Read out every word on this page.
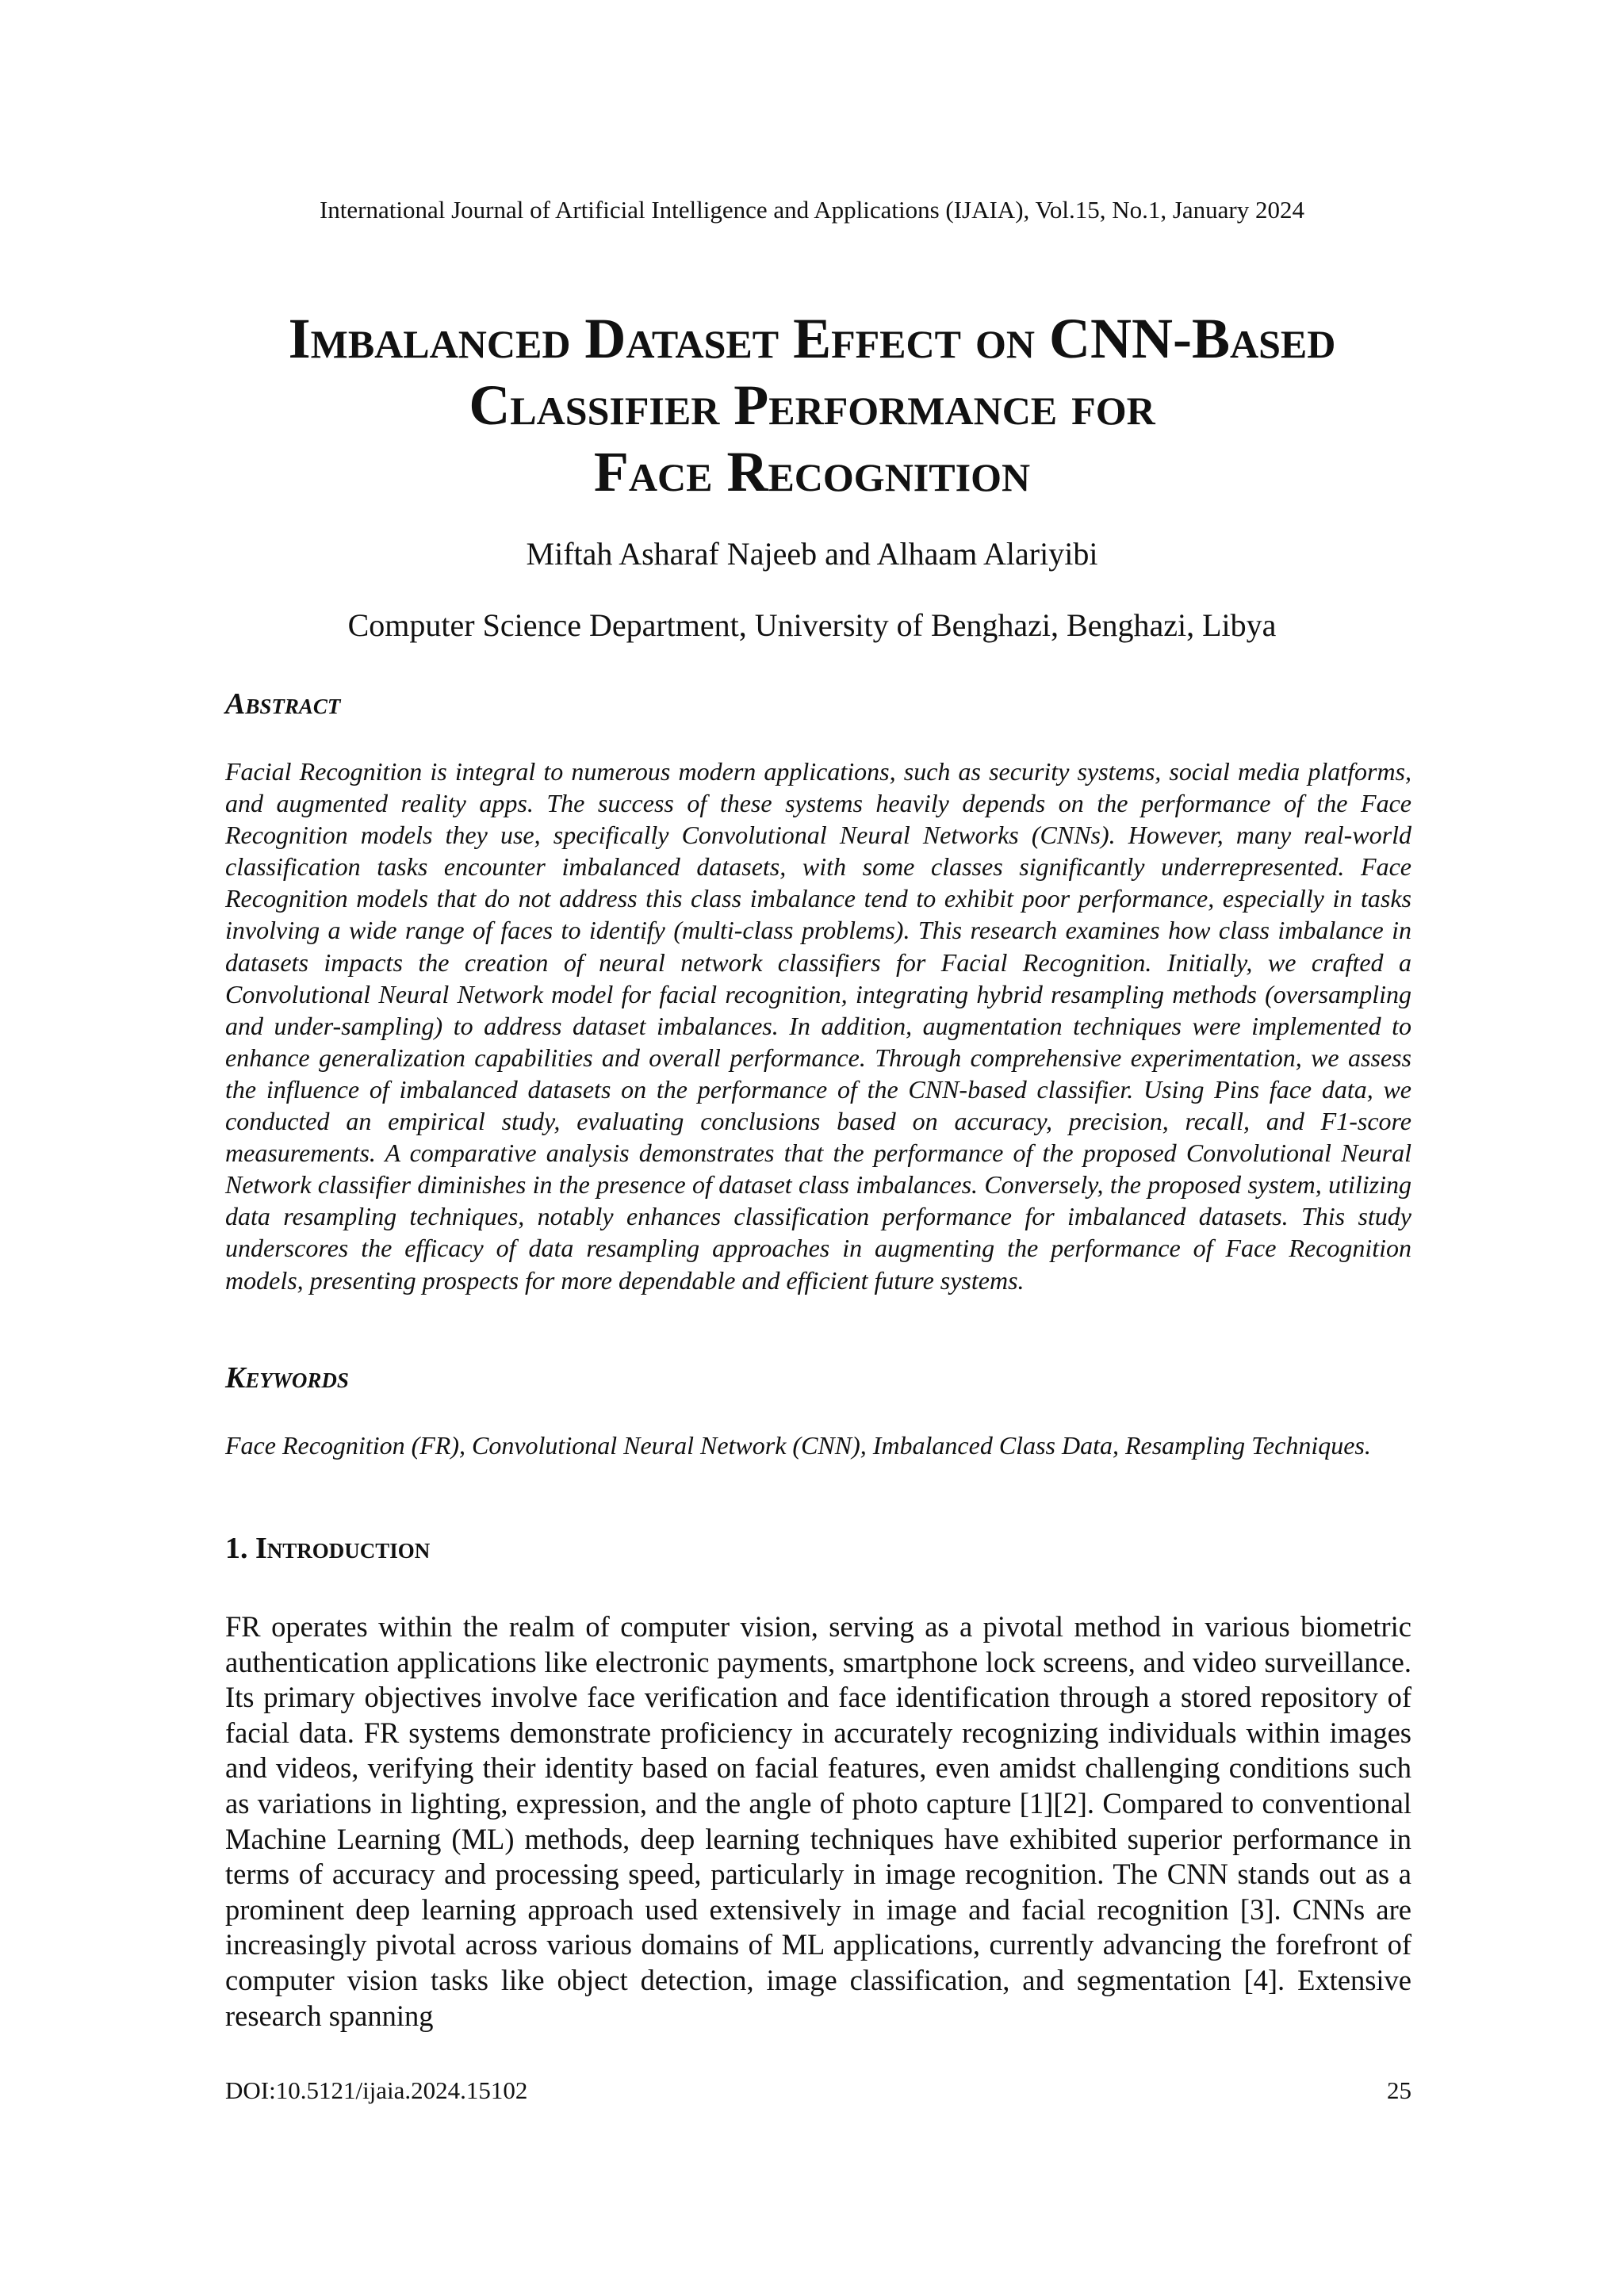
International Journal of Artificial Intelligence and Applications (IJAIA), Vol.15, No.1, January 2024
Imbalanced Dataset Effect on CNN-Based
Classifier Performance for
Face Recognition
Miftah Asharaf Najeeb and Alhaam Alariyibi
Computer Science Department, University of Benghazi, Benghazi, Libya
Abstract

Facial Recognition is integral to numerous modern applications, such as security systems, social media platforms, and augmented reality apps. The success of these systems heavily depends on the performance of the Face Recognition models they use, specifically Convolutional Neural Networks (CNNs). However, many real-world classification tasks encounter imbalanced datasets, with some classes significantly underrepresented. Face Recognition models that do not address this class imbalance tend to exhibit poor performance, especially in tasks involving a wide range of faces to identify (multi-class problems). This research examines how class imbalance in datasets impacts the creation of neural network classifiers for Facial Recognition. Initially, we crafted a Convolutional Neural Network model for facial recognition, integrating hybrid resampling methods (oversampling and under-sampling) to address dataset imbalances. In addition, augmentation techniques were implemented to enhance generalization capabilities and overall performance. Through comprehensive experimentation, we assess the influence of imbalanced datasets on the performance of the CNN-based classifier. Using Pins face data, we conducted an empirical study, evaluating conclusions based on accuracy, precision, recall, and F1-score measurements. A comparative analysis demonstrates that the performance of the proposed Convolutional Neural Network classifier diminishes in the presence of dataset class imbalances. Conversely, the proposed system, utilizing data resampling techniques, notably enhances classification performance for imbalanced datasets. This study underscores the efficacy of data resampling approaches in augmenting the performance of Face Recognition models, presenting prospects for more dependable and efficient future systems.

Keywords

Face Recognition (FR), Convolutional Neural Network (CNN), Imbalanced Class Data, Resampling Techniques.

1. Introduction

FR operates within the realm of computer vision, serving as a pivotal method in various biometric authentication applications like electronic payments, smartphone lock screens, and video surveillance. Its primary objectives involve face verification and face identification through a stored repository of facial data. FR systems demonstrate proficiency in accurately recognizing individuals within images and videos, verifying their identity based on facial features, even amidst challenging conditions such as variations in lighting, expression, and the angle of photo capture [1][2]. Compared to conventional Machine Learning (ML) methods, deep learning techniques have exhibited superior performance in terms of accuracy and processing speed, particularly in image recognition. The CNN stands out as a prominent deep learning approach used extensively in image and facial recognition [3]. CNNs are increasingly pivotal across various domains of ML applications, currently advancing the forefront of computer vision tasks like object detection, image classification, and segmentation [4]. Extensive research spanning

DOI:10.5121/ijaia.2024.15102	25
